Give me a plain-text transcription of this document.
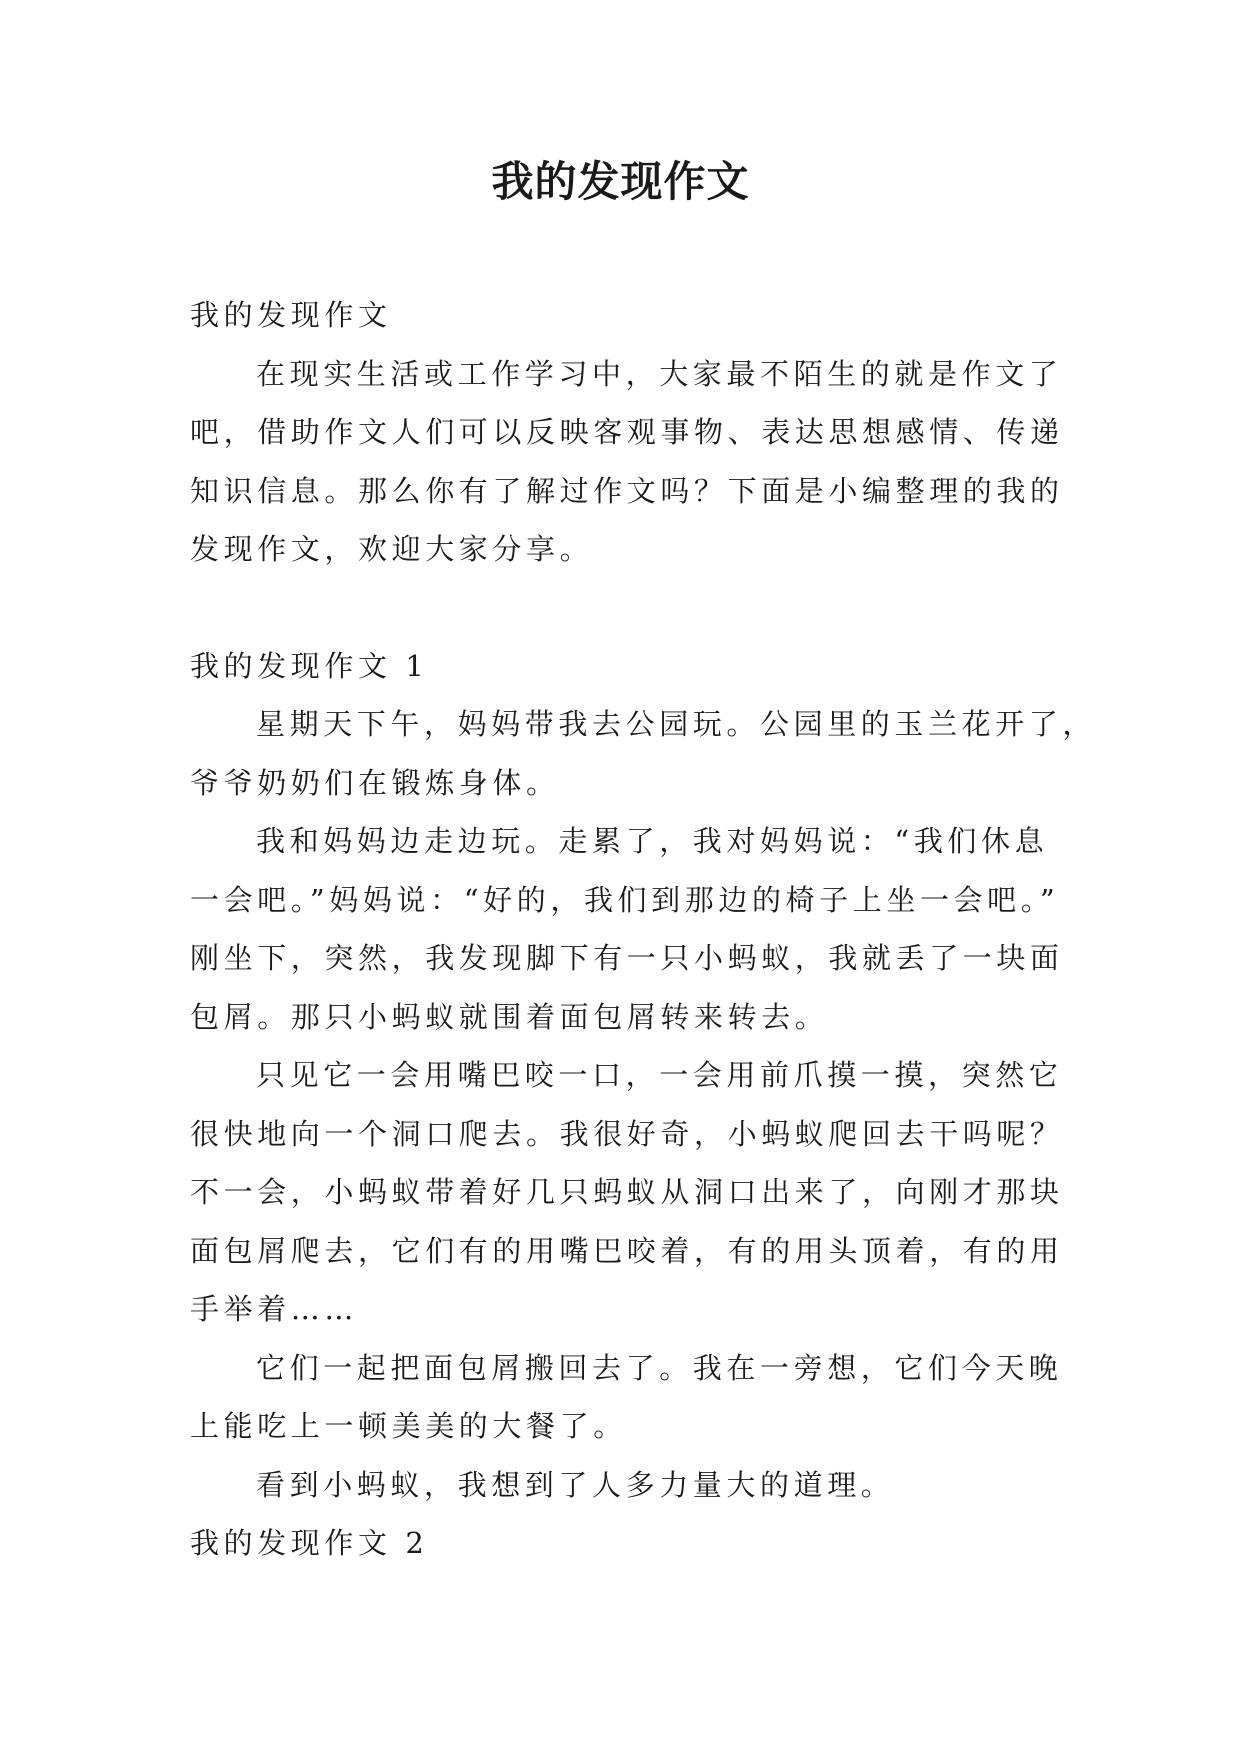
我的发现作文

我的发现作文

在现实生活或工作学习中，大家最不陌生的就是作文了

吧，借助作文人们可以反映客观事物、表达思想感情、传递

知识信息。那么你有了解过作文吗？下面是小编整理的我的

发现作文，欢迎大家分享。

我的发现作文 1

星期天下午，妈妈带我去公园玩。公园里的玉兰花开了，

爷爷奶奶们在锻炼身体。

我和妈妈边走边玩。走累了，我对妈妈说：“我们休息

一会吧。”妈妈说：“好的，我们到那边的椅子上坐一会吧。”

刚坐下，突然，我发现脚下有一只小蚂蚁，我就丢了一块面

包屑。那只小蚂蚁就围着面包屑转来转去。

只见它一会用嘴巴咬一口，一会用前爪摸一摸，突然它

很快地向一个洞口爬去。我很好奇，小蚂蚁爬回去干吗呢？

不一会，小蚂蚁带着好几只蚂蚁从洞口出来了，向刚才那块

面包屑爬去，它们有的用嘴巴咬着，有的用头顶着，有的用

手举着……

它们一起把面包屑搬回去了。我在一旁想，它们今天晚

上能吃上一顿美美的大餐了。

看到小蚂蚁，我想到了人多力量大的道理。

我的发现作文 2
